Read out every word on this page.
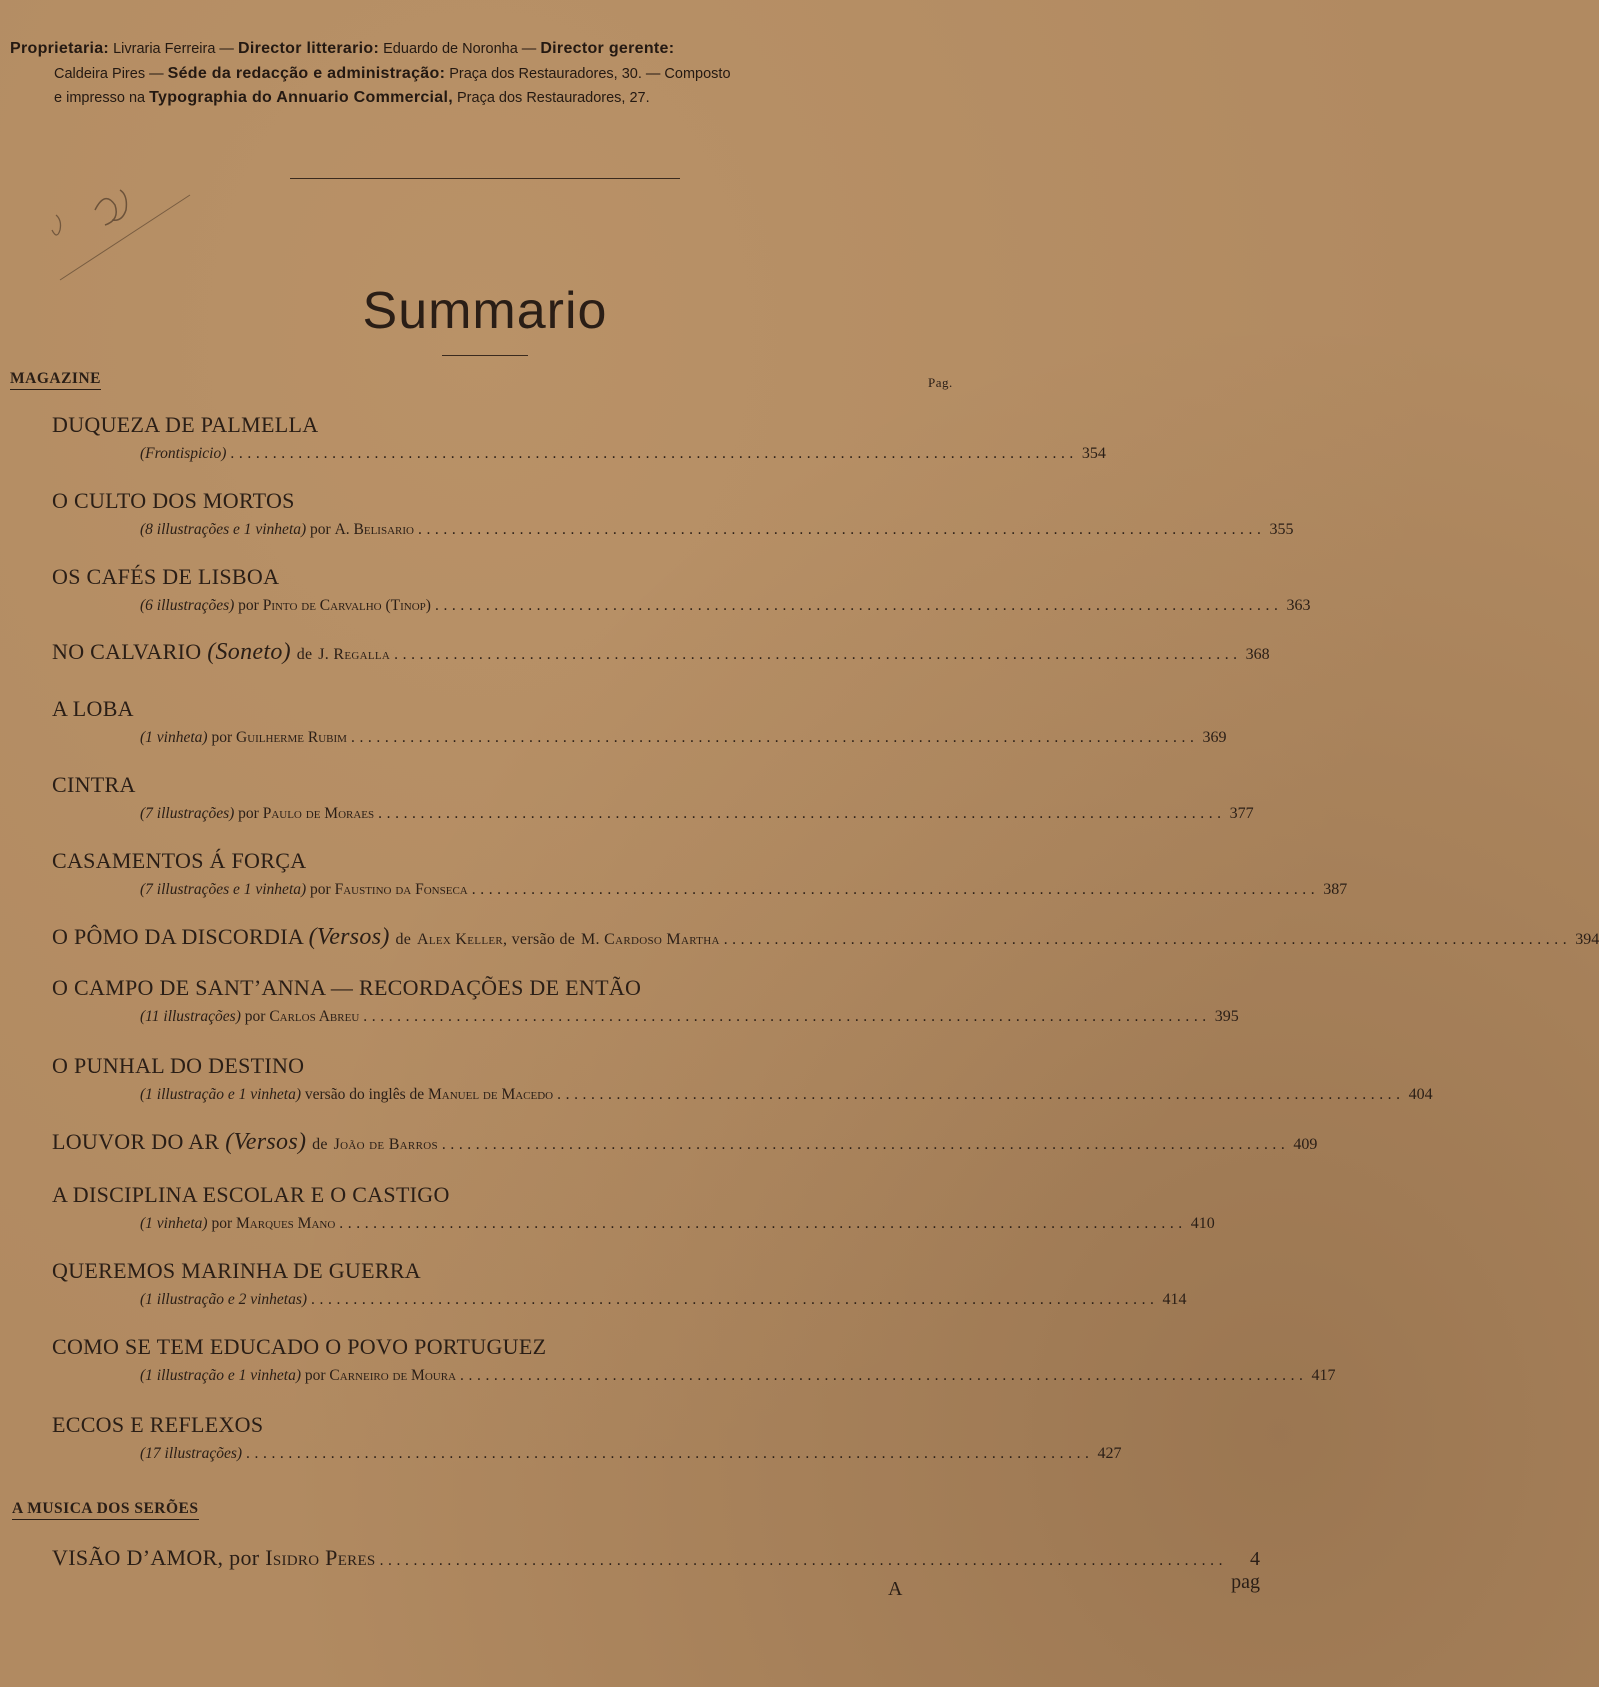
Proprietaria: Livraria Ferreira — Director litterario: Eduardo de Noronha — Director gerente:
Caldeira Pires — Séde da redacção e administração: Praça dos Restauradores, 30. — Composto
e impresso na Typographia do Annuario Commercial, Praça dos Restauradores, 27.
Summario
MAGAZINE	Pag.
DUQUEZA DE PALMELLA
(Frontispicio) .................................................................................................... 354
O CULTO DOS MORTOS
(8 illustrações e 1 vinheta) por A. Belisario .................................................................................................... 355
OS CAFÉS DE LISBOA
(6 illustrações) por Pinto de Carvalho (Tinop) .................................................................................................... 363
NO CALVARIO (Soneto) de J. Regalla .................................................................................................... 368
A LOBA
(1 vinheta) por Guilherme Rubim .................................................................................................... 369
CINTRA
(7 illustrações) por Paulo de Moraes .................................................................................................... 377
CASAMENTOS Á FORÇA
(7 illustrações e 1 vinheta) por Faustino da Fonseca .................................................................................................... 387
O PÔMO DA DISCORDIA (Versos) de Alex Keller, versão de M. Cardoso Martha .................................................................................................... 394
O CAMPO DE SANT’ANNA — RECORDAÇÕES DE ENTÃO
(11 illustrações) por Carlos Abreu .................................................................................................... 395
O PUNHAL DO DESTINO
(1 illustração e 1 vinheta) versão do inglês de Manuel de Macedo .................................................................................................... 404
LOUVOR DO AR (Versos) de João de Barros .................................................................................................... 409
A DISCIPLINA ESCOLAR E O CASTIGO
(1 vinheta) por Marques Mano .................................................................................................... 410
QUEREMOS MARINHA DE GUERRA
(1 illustração e 2 vinhetas) .................................................................................................... 414
COMO SE TEM EDUCADO O POVO PORTUGUEZ
(1 illustração e 1 vinheta) por Carneiro de Moura .................................................................................................... 417
ECCOS E REFLEXOS
(17 illustrações) .................................................................................................... 427
A MUSICA DOS SERÕES
VISÃO D’AMOR, por Isidro Peres ....................................................................................................	4 pag
A
